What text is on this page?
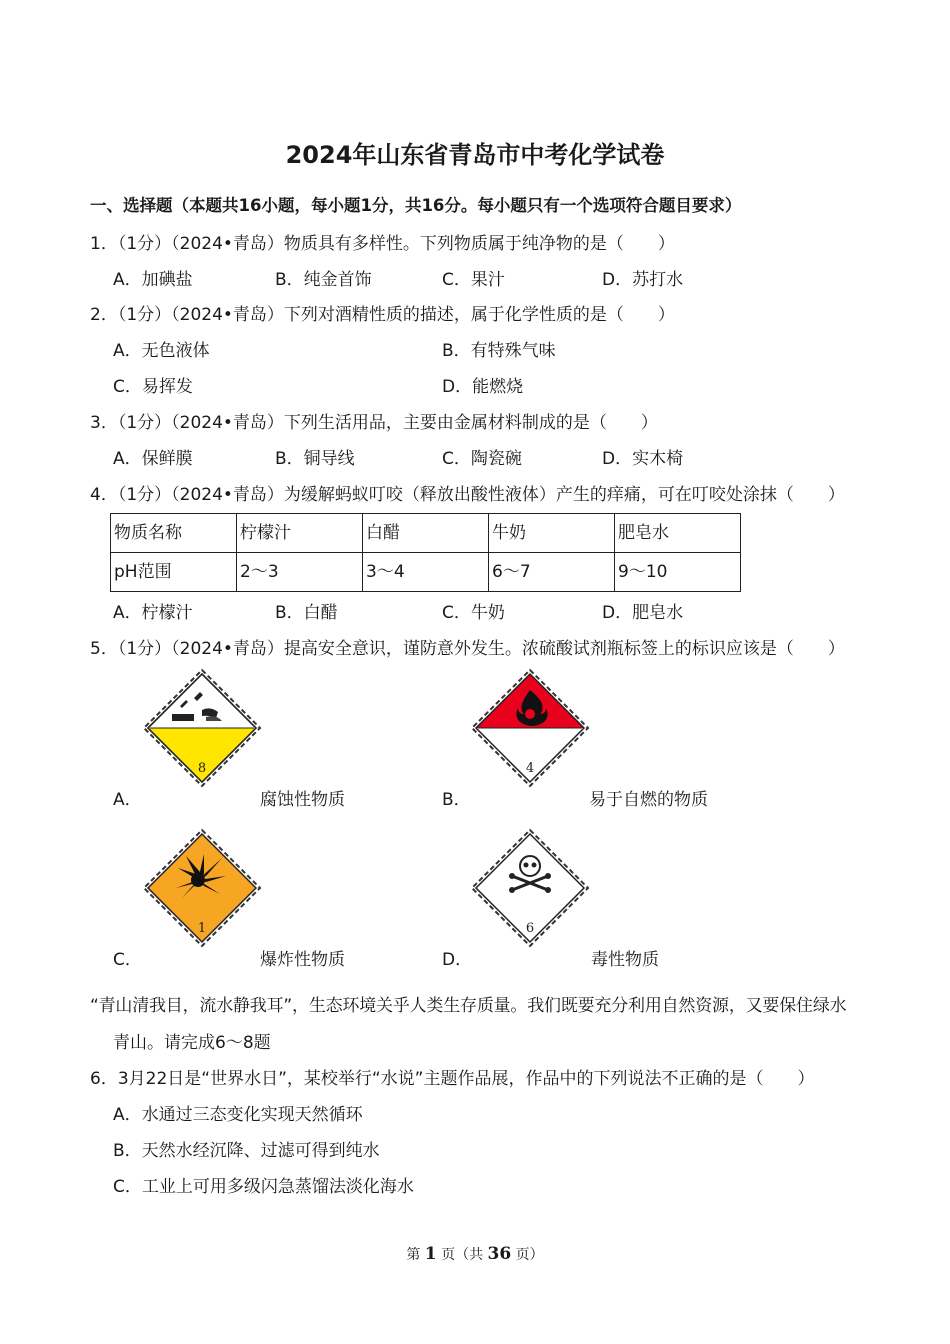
2024年山东省青岛市中考化学试卷
一、选择题（本题共16小题，每小题1分，共16分。每小题只有一个选项符合题目要求）
1．（1分）（2024•青岛）物质具有多样性。下列物质属于纯净物的是（　　）
A．加碘盐	B．纯金首饰	C．果汁	D．苏打水
2．（1分）（2024•青岛）下列对酒精性质的描述，属于化学性质的是（　　）
A．无色液体	B．有特殊气味
C．易挥发	D．能燃烧
3．（1分）（2024•青岛）下列生活用品，主要由金属材料制成的是（　　）
A．保鲜膜	B．铜导线	C．陶瓷碗	D．实木椅
4．（1分）（2024•青岛）为缓解蚂蚁叮咬（释放出酸性液体）产生的痒痛，可在叮咬处涂抹（　　）
物质名称	柠檬汁	白醋	牛奶	肥皂水
pH范围	2～3	3～4	6～7	9～10
A．柠檬汁	B．白醋	C．牛奶	D．肥皂水
5．（1分）（2024•青岛）提高安全意识，谨防意外发生。浓硫酸试剂瓶标签上的标识应该是（　　）
8	4
A．	腐蚀性物质	B．	易于自燃的物质
1	6
C．	爆炸性物质	D．	毒性物质
“青山清我目，流水静我耳”，生态环境关乎人类生存质量。我们既要充分利用自然资源，又要保住绿水
青山。请完成6～8题
6．3月22日是“世界水日”，某校举行“水说”主题作品展，作品中的下列说法不正确的是（　　）
A．水通过三态变化实现天然循环
B．天然水经沉降、过滤可得到纯水
C．工业上可用多级闪急蒸馏法淡化海水
第 1 页（共 36 页）
